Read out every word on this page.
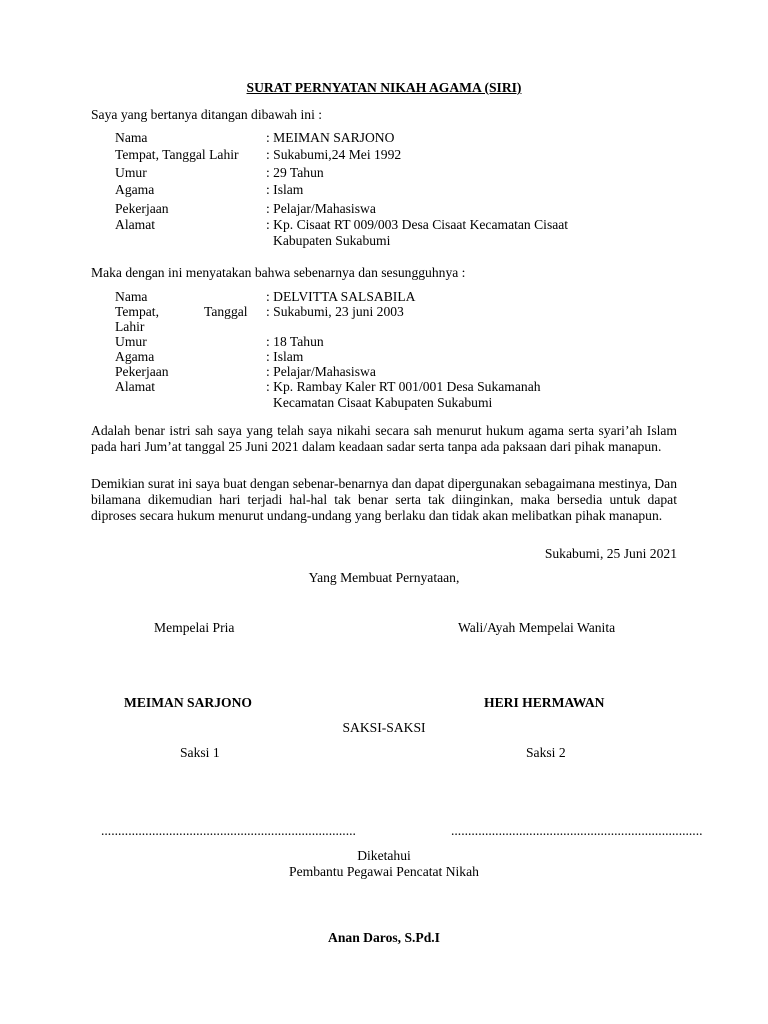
SURAT PERNYATAN NIKAH AGAMA (SIRI)
Saya yang bertanya ditangan dibawah ini :
Nama	: MEIMAN SARJONO
Tempat, Tanggal Lahir : Sukabumi,24 Mei 1992
Umur	: 29 Tahun
Agama	: Islam
Pekerjaan	: Pelajar/Mahasiswa
Alamat	: Kp. Cisaat RT 009/003 Desa Cisaat Kecamatan Cisaat
Kabupaten Sukabumi
Maka dengan ini menyatakan bahwa sebenarnya dan sesungguhnya :
Nama	: DELVITTA SALSABILA
Tempat,	Tanggal : Sukabumi, 23 juni 2003
Lahir
Umur	: 18 Tahun
Agama	: Islam
Pekerjaan	: Pelajar/Mahasiswa
Alamat	: Kp. Rambay Kaler RT 001/001 Desa Sukamanah
Kecamatan Cisaat Kabupaten Sukabumi
Adalah benar istri sah saya yang telah saya nikahi secara sah menurut hukum agama serta syari’ah Islam pada hari Jum’at tanggal 25 Juni 2021 dalam keadaan sadar serta tanpa ada paksaan dari pihak manapun.
Demikian surat ini saya buat dengan sebenar-benarnya dan dapat dipergunakan sebagaimana mestinya, Dan bilamana dikemudian hari terjadi hal-hal tak benar serta tak diinginkan, maka bersedia untuk dapat diproses secara hukum menurut undang-undang yang berlaku dan tidak akan melibatkan pihak manapun.
Sukabumi, 25 Juni 2021
Yang Membuat Pernyataan,
Mempelai Pria	Wali/Ayah Mempelai Wanita
MEIMAN SARJONO	HERI HERMAWAN
SAKSI-SAKSI
Saksi 1	Saksi 2
...........................................................................	..........................................................................
Diketahui
Pembantu Pegawai Pencatat Nikah
Anan Daros, S.Pd.I
